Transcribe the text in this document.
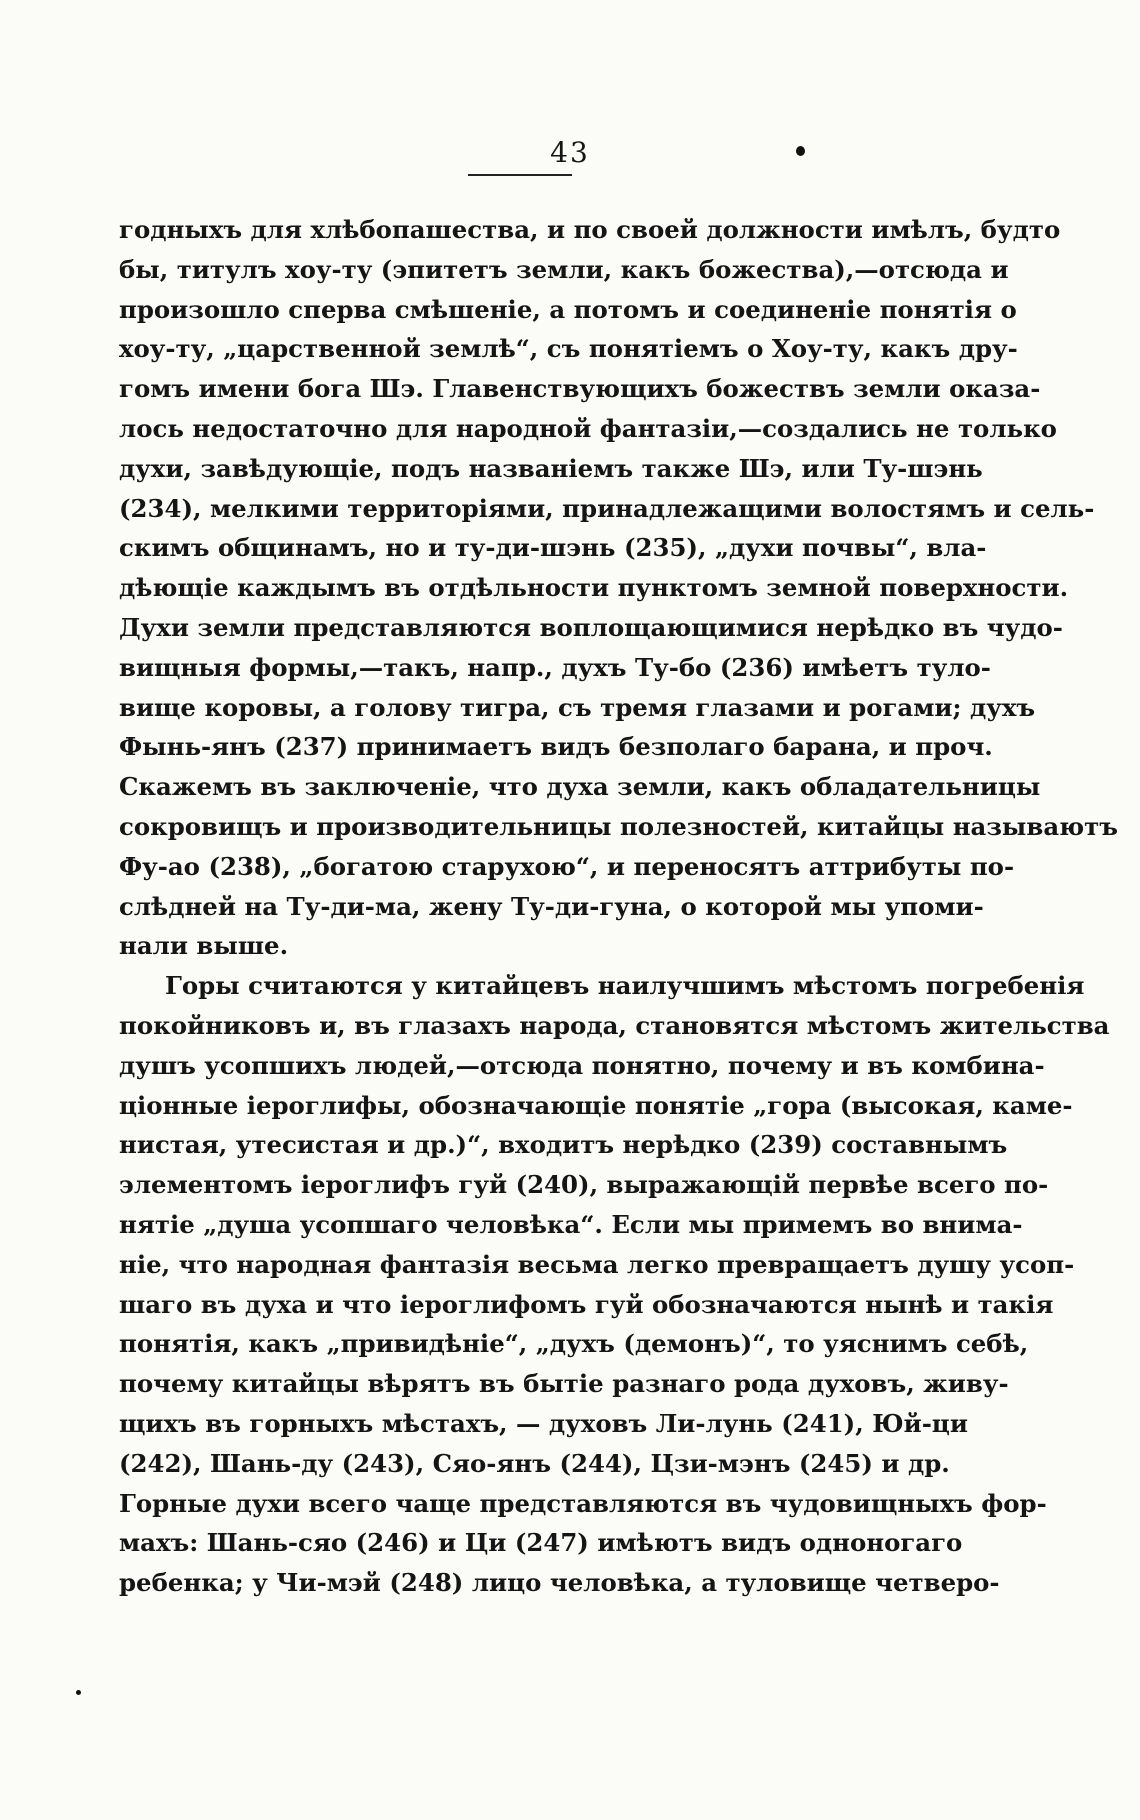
43
годныхъ для хлѣбопашества, и по своей должности имѣлъ, будто
бы, титулъ хоу-ту (эпитетъ земли, какъ божества),—отсюда и
произошло сперва смѣшеніе, а потомъ и соединеніе понятія о
хоу-ту, „царственной землѣ“, съ понятіемъ о Хоу-ту, какъ дру-
гомъ имени бога Шэ. Главенствующихъ божествъ земли оказа-
лось недостаточно для народной фантазіи,—создались не только
духи, завѣдующіе, подъ названіемъ также Шэ, или Ту-шэнь
(234), мелкими территоріями, принадлежащими волостямъ и сель-
скимъ общинамъ, но и ту-ди-шэнь (235), „духи почвы“, вла-
дѣющіе каждымъ въ отдѣльности пунктомъ земной поверхности.
Духи земли представляются воплощающимися нерѣдко въ чудо-
вищныя формы,—такъ, напр., духъ Ту-бо (236) имѣетъ туло-
вище коровы, а голову тигра, съ тремя глазами и рогами; духъ
Фынь-янъ (237) принимаетъ видъ безполагo барана, и проч.
Скажемъ въ заключеніе, что духа земли, какъ обладательницы
сокровищъ и производительницы полезностей, китайцы называютъ
Фу-ао (238), „богатою старухою“, и переносятъ аттрибуты по-
слѣдней на Ту-ди-ма, жену Ту-ди-гуна, о которой мы упоми-
нали выше.
Горы считаются у китайцевъ наилучшимъ мѣстомъ погребенія
покойниковъ и, въ глазахъ народа, становятся мѣстомъ жительства
душъ усопшихъ людей,—отсюда понятно, почему и въ комбина-
ціонные іероглифы, обозначающіе понятіе „гора (высокая, каме-
нистая, утесистая и др.)“, входитъ нерѣдко (239) составнымъ
элементомъ іероглифъ гуй (240), выражающій первѣе всего по-
нятіе „душа усопшаго человѣка“. Если мы примемъ во внима-
ніе, что народная фантазія весьма легко превращаетъ душу усоп-
шаго въ духа и что іероглифомъ гуй обозначаются нынѣ и такія
понятія, какъ „привидѣніе“, „духъ (демонъ)“, то уяснимъ себѣ,
почему китайцы вѣрятъ въ бытіе разнаго рода духовъ, живу-
щихъ въ горныхъ мѣстахъ, — духовъ Ли-лунь (241), Юй-ци
(242), Шань-ду (243), Сяо-янъ (244), Цзи-мэнъ (245) и др.
Горные духи всего чаще представляются въ чудовищныхъ фор-
махъ: Шань-сяо (246) и Ци (247) имѣютъ видъ одноногаго
ребенка; у Чи-мэй (248) лицо человѣка, а туловище четверо-
